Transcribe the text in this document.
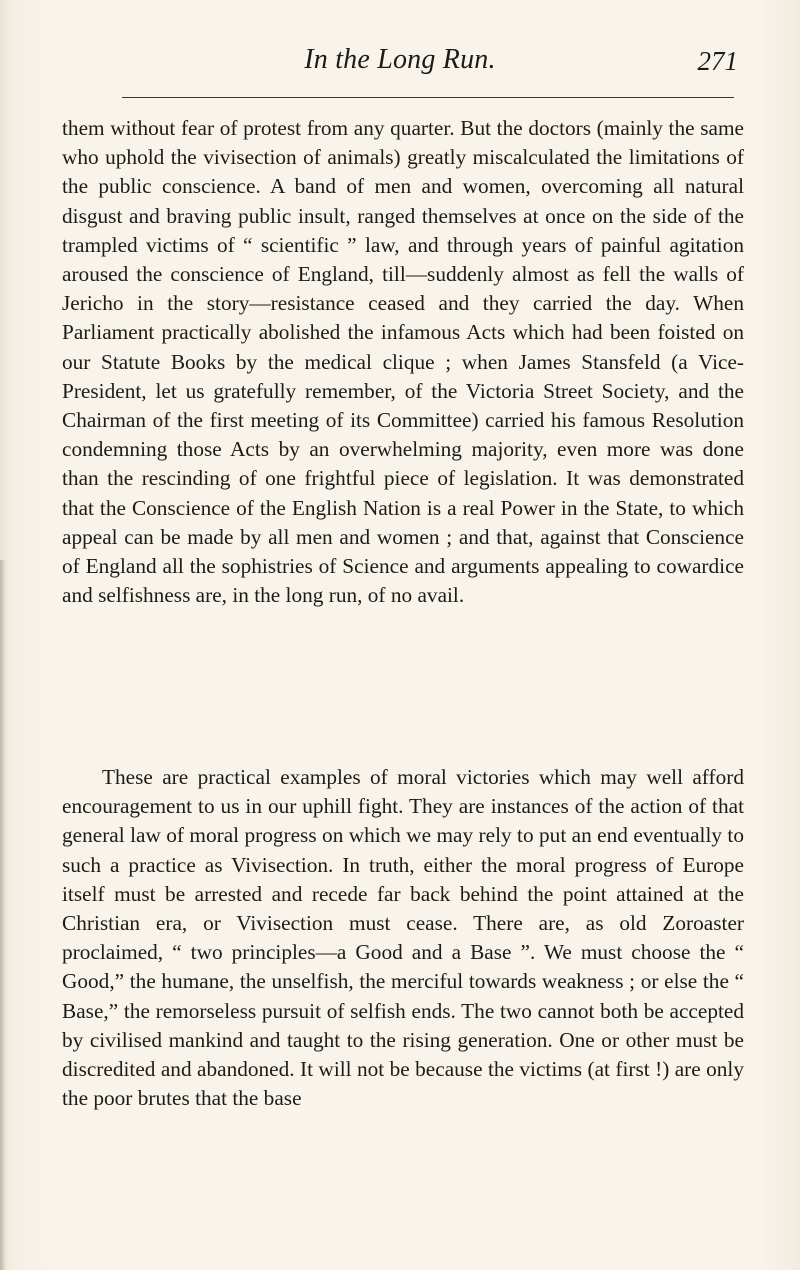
In the Long Run.	271

them without fear of protest from any quarter. But the doctors (mainly the same who uphold the vivisection of animals) greatly miscalculated the limitations of the public conscience. A band of men and women, overcoming all natural disgust and braving public insult, ranged themselves at once on the side of the trampled victims of “ scientific ” law, and through years of painful agitation aroused the conscience of England, till—suddenly almost as fell the walls of Jericho in the story—resistance ceased and they carried the day. When Parliament practically abolished the infamous Acts which had been foisted on our Statute Books by the medical clique ; when James Stansfeld (a Vice-President, let us gratefully remember, of the Victoria Street Society, and the Chairman of the first meeting of its Committee) carried his famous Resolution condemning those Acts by an overwhelming majority, even more was done than the rescinding of one frightful piece of legislation. It was demonstrated that the Conscience of the English Nation is a real Power in the State, to which appeal can be made by all men and women ; and that, against that Conscience of England all the sophistries of Science and arguments appealing to cowardice and selfishness are, in the long run, of no avail.

These are practical examples of moral victories which may well afford encouragement to us in our uphill fight. They are instances of the action of that general law of moral progress on which we may rely to put an end eventually to such a practice as Vivisection. In truth, either the moral progress of Europe itself must be arrested and recede far back behind the point attained at the Christian era, or Vivisection must cease. There are, as old Zoroaster proclaimed, “ two principles—a Good and a Base ”. We must choose the “ Good,” the humane, the unselfish, the merciful towards weakness ; or else the “ Base,” the remorseless pursuit of selfish ends. The two cannot both be accepted by civilised mankind and taught to the rising generation. One or other must be discredited and abandoned. It will not be because the victims (at first !) are only the poor brutes that the base
